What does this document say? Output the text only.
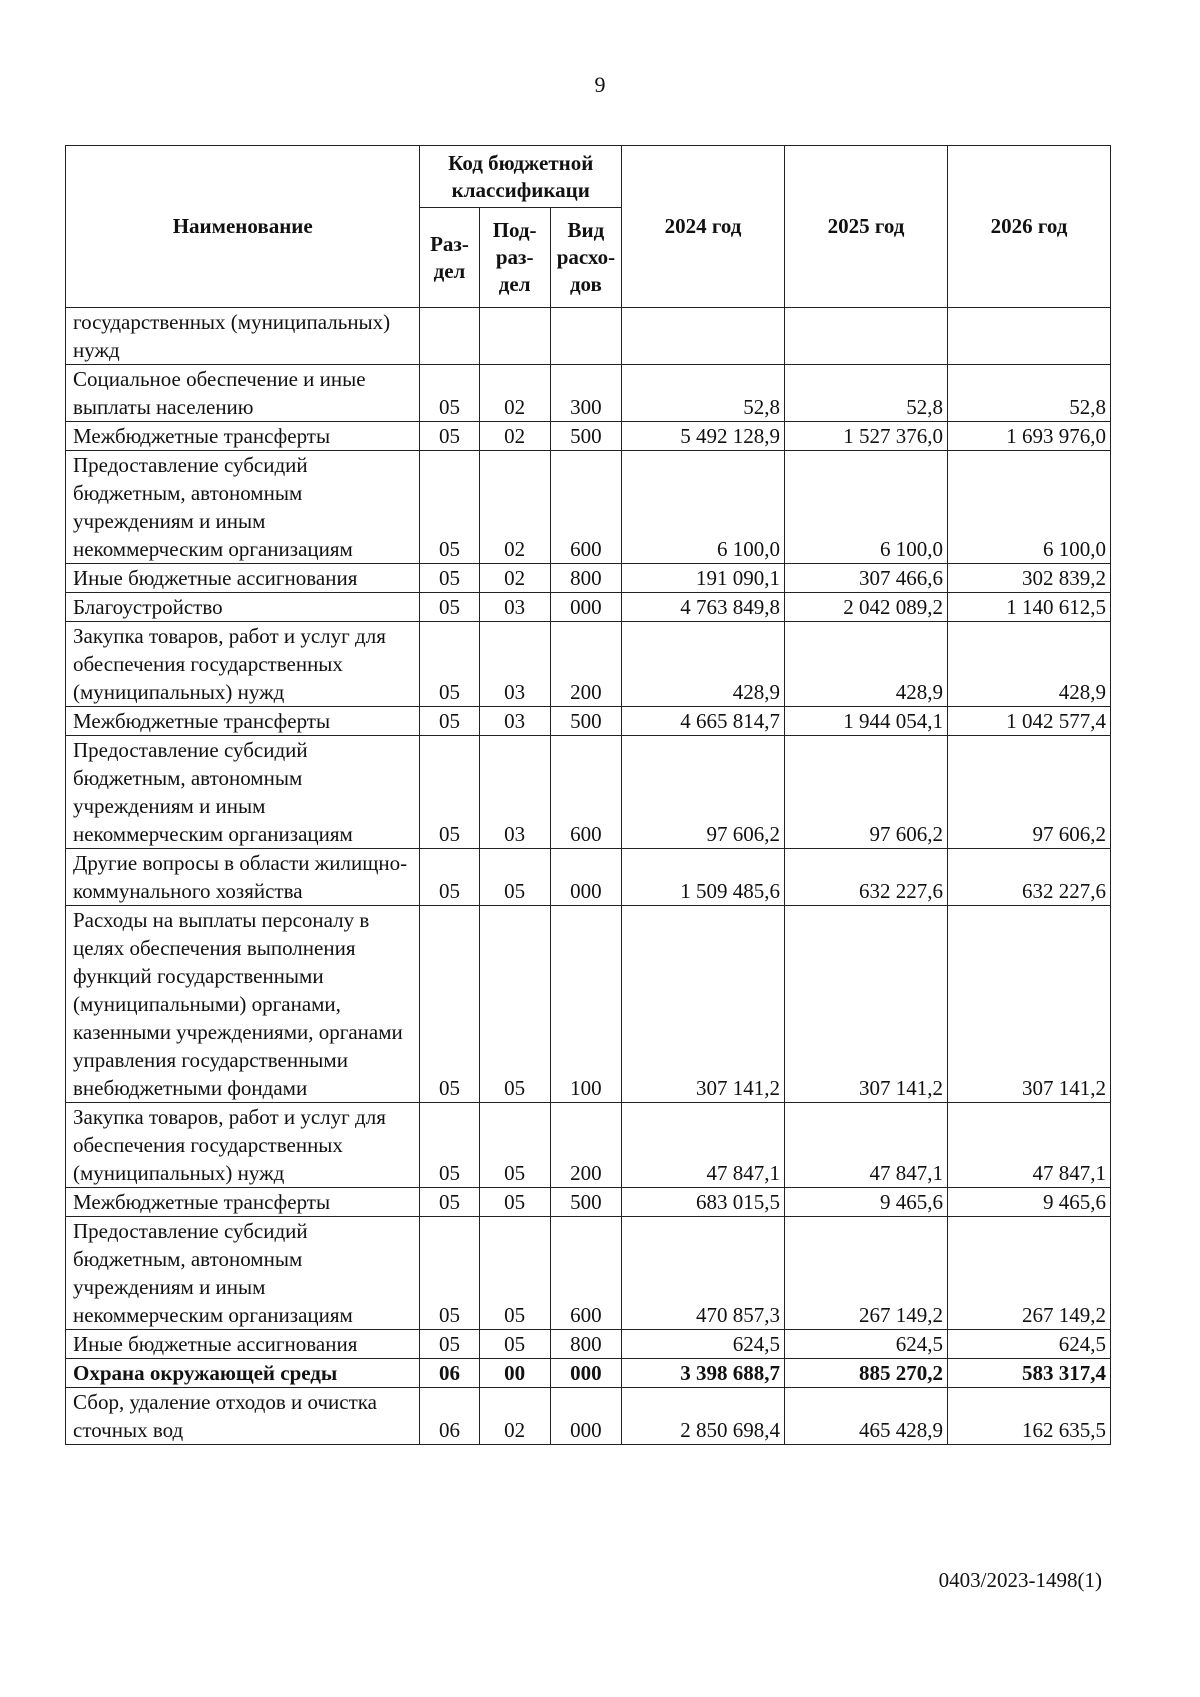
9
Наименование	Код бюджетной классификаци			2024 год	2025 год	2026 год
	Раз-дел	Под-раз-дел	Вид расхо-дов			
государственных (муниципальных) нужд						
Социальное обеспечение и иные выплаты населению	05	02	300	52,8	52,8	52,8
Межбюджетные трансферты	05	02	500	5 492 128,9	1 527 376,0	1 693 976,0
Предоставление субсидий бюджетным, автономным учреждениям и иным некоммерческим организациям	05	02	600	6 100,0	6 100,0	6 100,0
Иные бюджетные ассигнования	05	02	800	191 090,1	307 466,6	302 839,2
Благоустройство	05	03	000	4 763 849,8	2 042 089,2	1 140 612,5
Закупка товаров, работ и услуг для обеспечения государственных (муниципальных) нужд	05	03	200	428,9	428,9	428,9
Межбюджетные трансферты	05	03	500	4 665 814,7	1 944 054,1	1 042 577,4
Предоставление субсидий бюджетным, автономным учреждениям и иным некоммерческим организациям	05	03	600	97 606,2	97 606,2	97 606,2
Другие вопросы в области жилищно-коммунального хозяйства	05	05	000	1 509 485,6	632 227,6	632 227,6
Расходы на выплаты персоналу в целях обеспечения выполнения функций государственными (муниципальными) органами, казенными учреждениями, органами управления государственными внебюджетными фондами	05	05	100	307 141,2	307 141,2	307 141,2
Закупка товаров, работ и услуг для обеспечения государственных (муниципальных) нужд	05	05	200	47 847,1	47 847,1	47 847,1
Межбюджетные трансферты	05	05	500	683 015,5	9 465,6	9 465,6
Предоставление субсидий бюджетным, автономным учреждениям и иным некоммерческим организациям	05	05	600	470 857,3	267 149,2	267 149,2
Иные бюджетные ассигнования	05	05	800	624,5	624,5	624,5
Охрана окружающей среды	06	00	000	3 398 688,7	885 270,2	583 317,4
Сбор, удаление отходов и очистка сточных вод	06	02	000	2 850 698,4	465 428,9	162 635,5
0403/2023-1498(1)
